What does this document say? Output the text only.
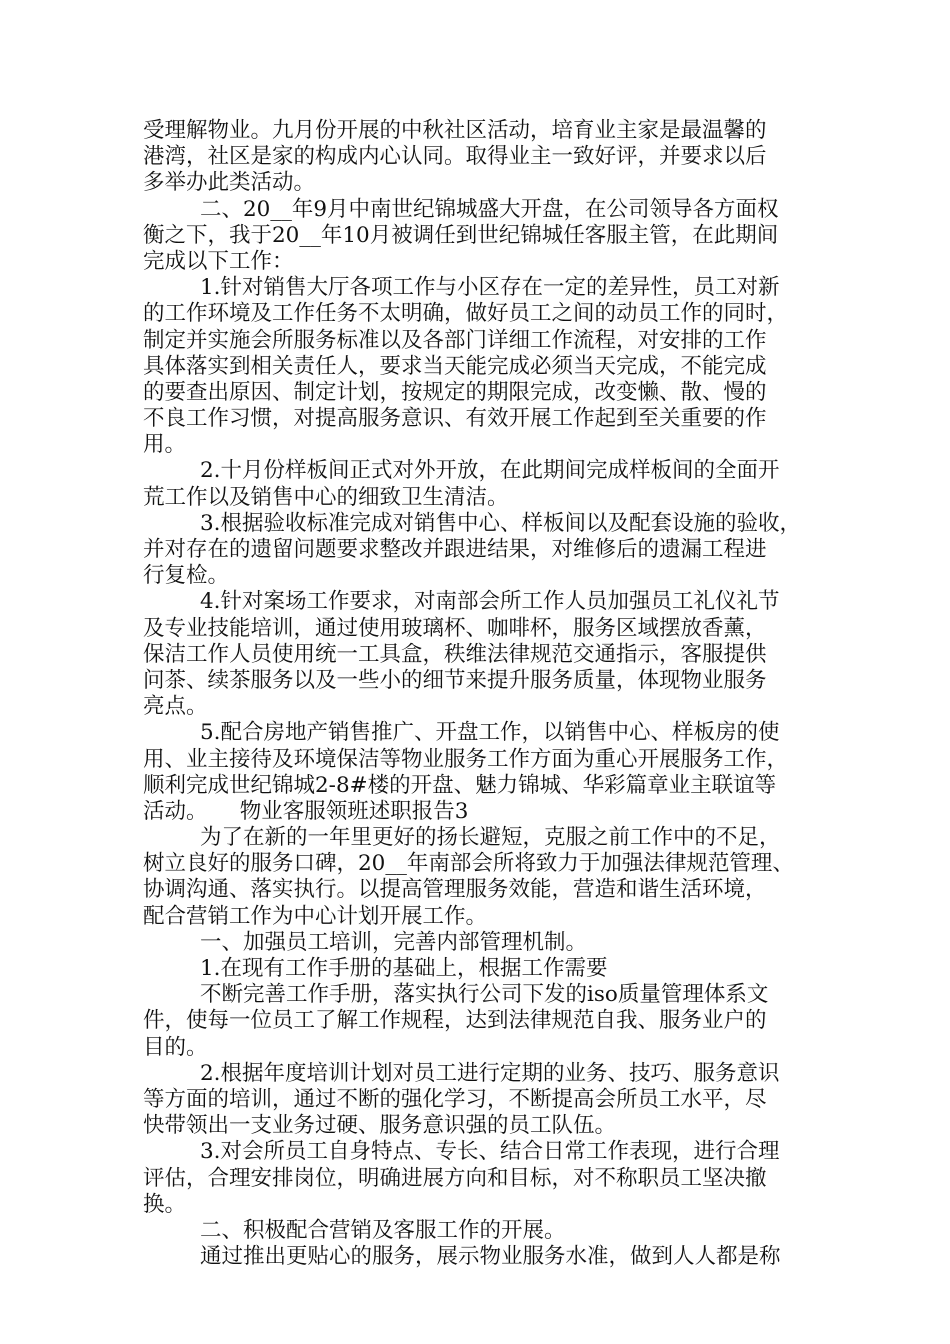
受理解物业。九月份开展的中秋社区活动，培育业主家是最温馨的
港湾，社区是家的构成内心认同。取得业主一致好评，并要求以后
多举办此类活动。
二、20__年9月中南世纪锦城盛大开盘，在公司领导各方面权
衡之下，我于20__年10月被调任到世纪锦城任客服主管，在此期间
完成以下工作：
1.针对销售大厅各项工作与小区存在一定的差异性，员工对新
的工作环境及工作任务不太明确，做好员工之间的动员工作的同时，
制定并实施会所服务标准以及各部门详细工作流程，对安排的工作
具体落实到相关责任人，要求当天能完成必须当天完成，不能完成
的要查出原因、制定计划，按规定的期限完成，改变懒、散、慢的
不良工作习惯，对提高服务意识、有效开展工作起到至关重要的作
用。
2.十月份样板间正式对外开放，在此期间完成样板间的全面开
荒工作以及销售中心的细致卫生清洁。
3.根据验收标准完成对销售中心、样板间以及配套设施的验收，
并对存在的遗留问题要求整改并跟进结果，对维修后的遗漏工程进
行复检。
4.针对案场工作要求，对南部会所工作人员加强员工礼仪礼节
及专业技能培训，通过使用玻璃杯、咖啡杯，服务区域摆放香薰，
保洁工作人员使用统一工具盒，秩维法律规范交通指示，客服提供
问茶、续茶服务以及一些小的细节来提升服务质量，体现物业服务
亮点。
5.配合房地产销售推广、开盘工作，以销售中心、样板房的使
用、业主接待及环境保洁等物业服务工作方面为重心开展服务工作，
顺利完成世纪锦城2-8#楼的开盘、魅力锦城、华彩篇章业主联谊等
活动。　　物业客服领班述职报告3
为了在新的一年里更好的扬长避短，克服之前工作中的不足，
树立良好的服务口碑，20__年南部会所将致力于加强法律规范管理、
协调沟通、落实执行。以提高管理服务效能，营造和谐生活环境，
配合营销工作为中心计划开展工作。
一、加强员工培训，完善内部管理机制。
1.在现有工作手册的基础上，根据工作需要
不断完善工作手册，落实执行公司下发的iso质量管理体系文
件，使每一位员工了解工作规程，达到法律规范自我、服务业户的
目的。
2.根据年度培训计划对员工进行定期的业务、技巧、服务意识
等方面的培训，通过不断的强化学习，不断提高会所员工水平，尽
快带领出一支业务过硬、服务意识强的员工队伍。
3.对会所员工自身特点、专长、结合日常工作表现，进行合理
评估，合理安排岗位，明确进展方向和目标，对不称职员工坚决撤
换。
二、积极配合营销及客服工作的开展。
通过推出更贴心的服务，展示物业服务水准，做到人人都是称
